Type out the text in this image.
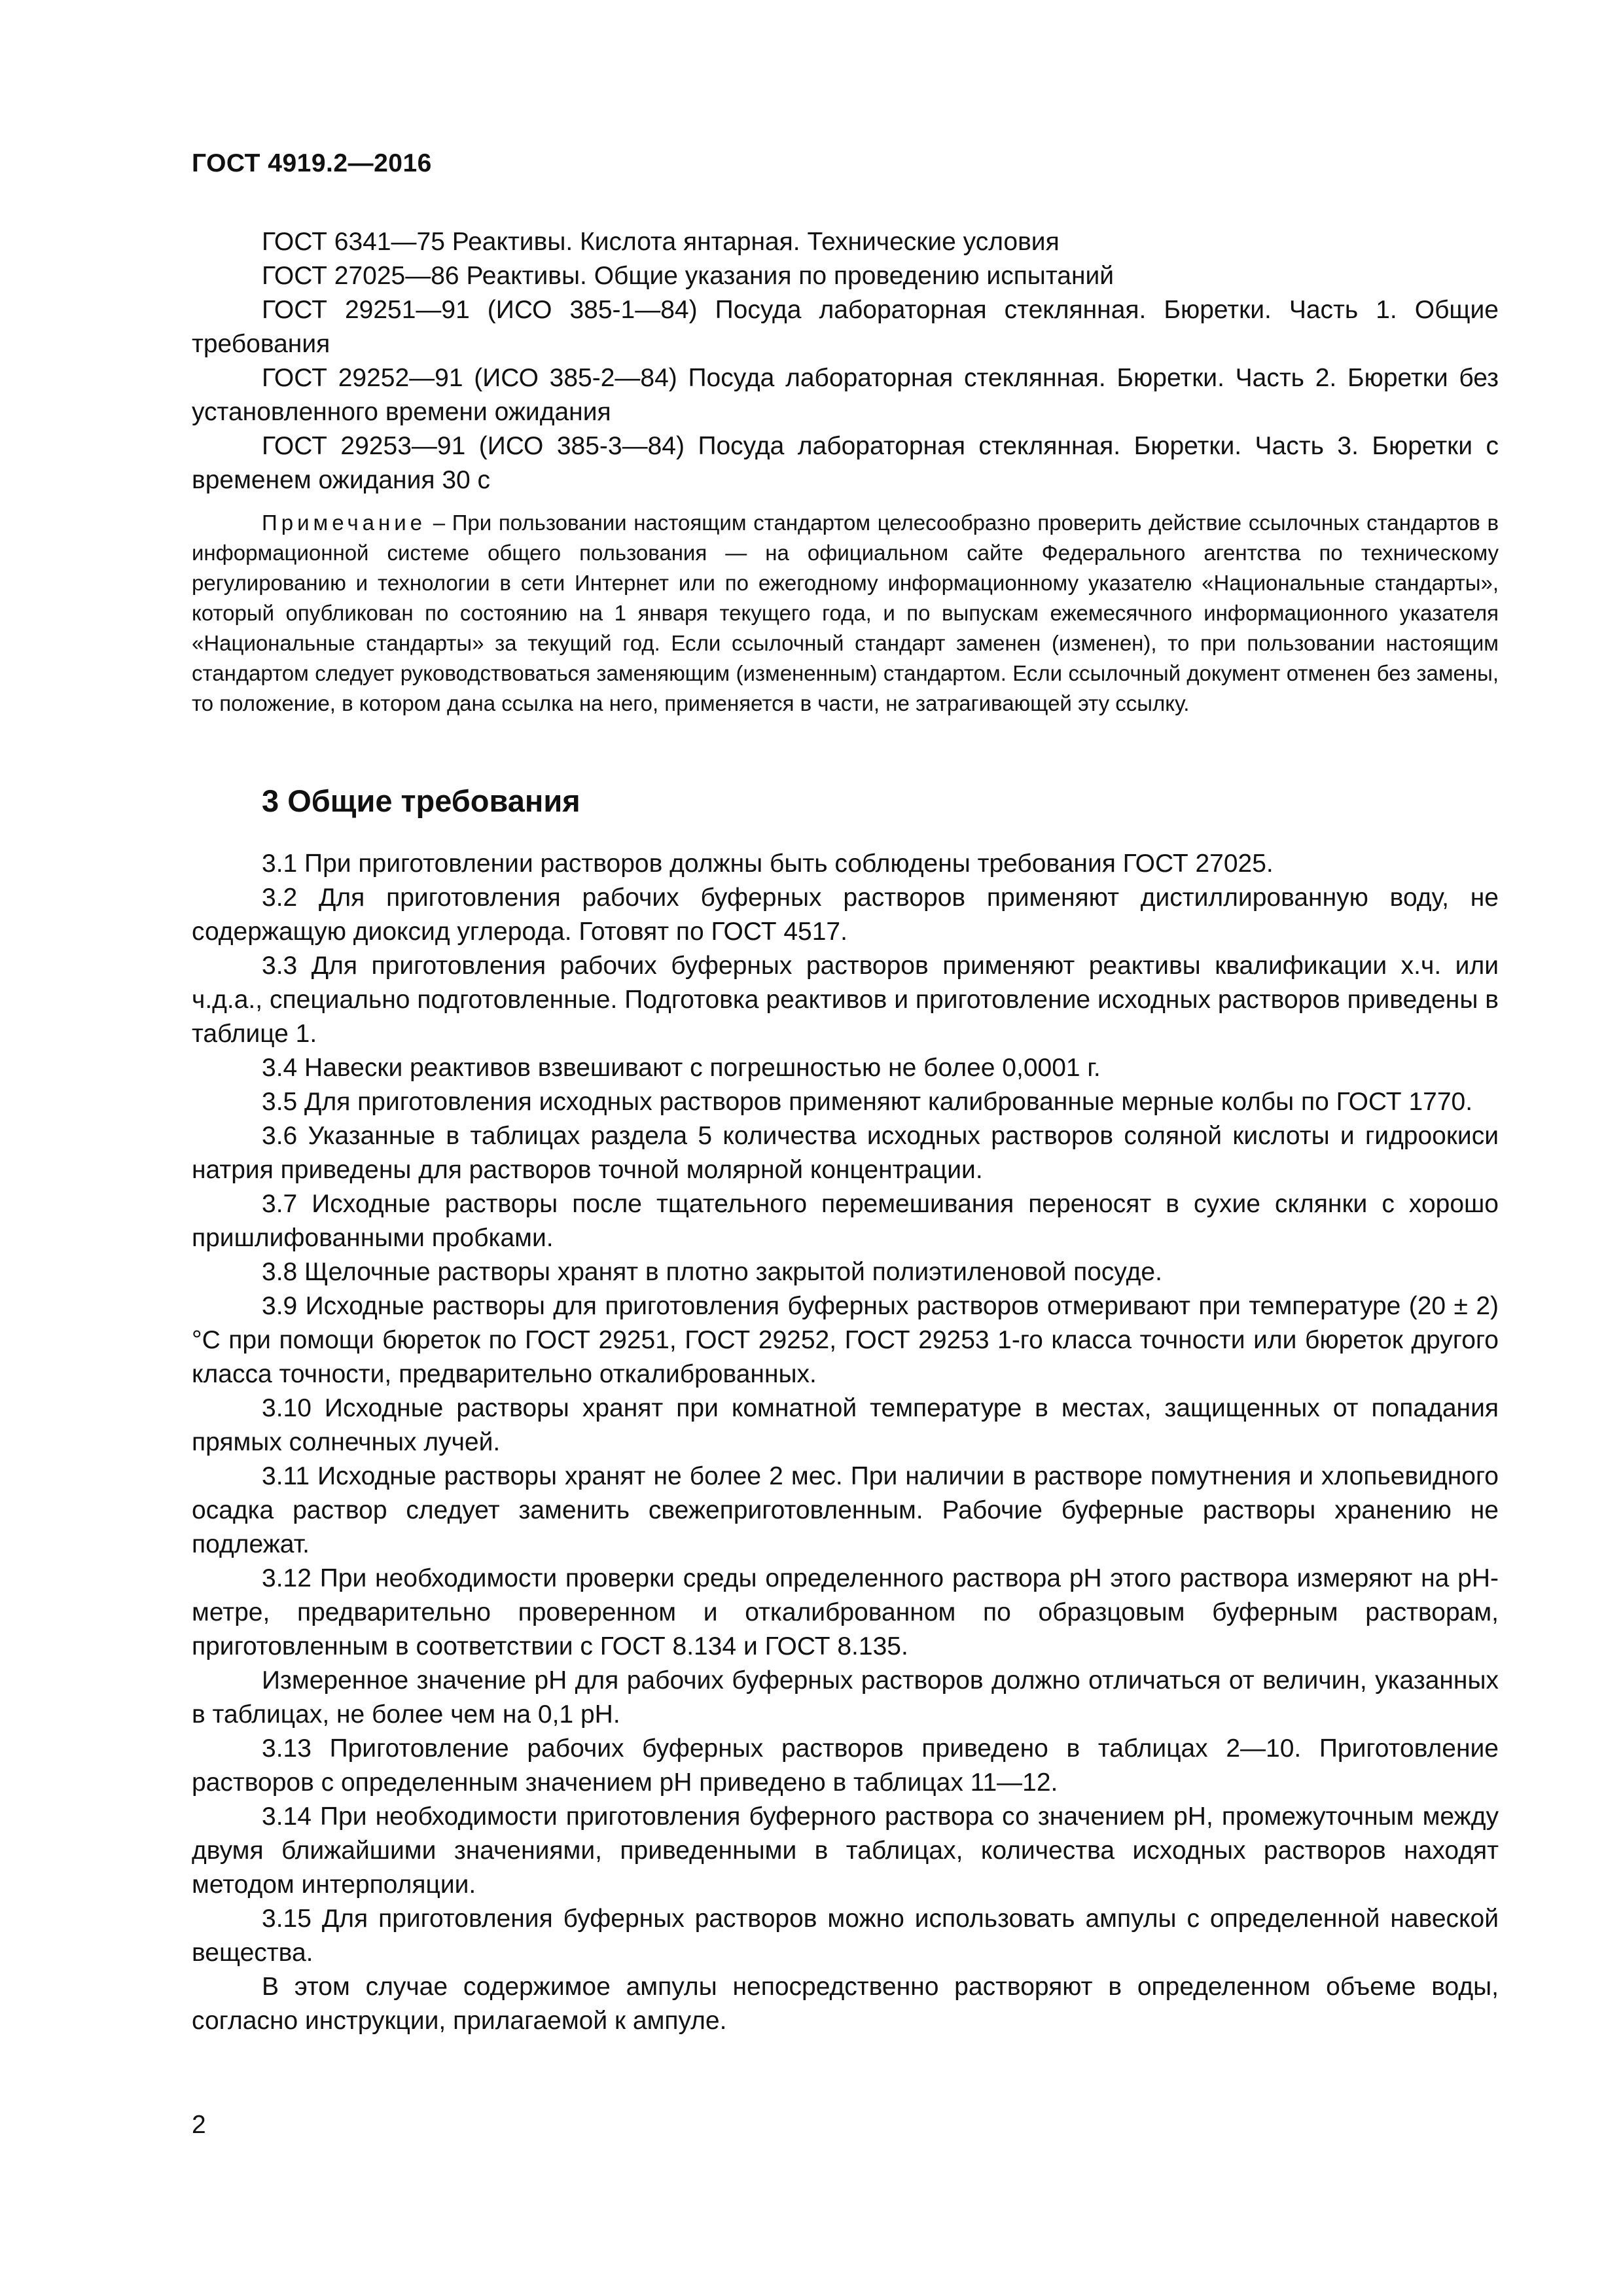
ГОСТ 4919.2—2016

ГОСТ 6341—75 Реактивы. Кислота янтарная. Технические условия

ГОСТ 27025—86 Реактивы. Общие указания по проведению испытаний

ГОСТ 29251—91 (ИСО 385-1—84) Посуда лабораторная стеклянная. Бюретки. Часть 1. Общие требования

ГОСТ 29252—91 (ИСО 385-2—84) Посуда лабораторная стеклянная. Бюретки. Часть 2. Бюретки без установленного времени ожидания

ГОСТ 29253—91 (ИСО 385-3—84) Посуда лабораторная стеклянная. Бюретки. Часть 3. Бюретки с временем ожидания 30 с

Примечание – При пользовании настоящим стандартом целесообразно проверить действие ссылочных стандартов в информационной системе общего пользования — на официальном сайте Федерального агентства по техническому регулированию и технологии в сети Интернет или по ежегодному информационному указателю «Национальные стандарты», который опубликован по состоянию на 1 января текущего года, и по выпускам ежемесячного информационного указателя «Национальные стандарты» за текущий год. Если ссылочный стандарт заменен (изменен), то при пользовании настоящим стандартом следует руководствоваться заменяющим (измененным) стандартом. Если ссылочный документ отменен без замены, то положение, в котором дана ссылка на него, применяется в части, не затрагивающей эту ссылку.

3 Общие требования

3.1 При приготовлении растворов должны быть соблюдены требования ГОСТ 27025.

3.2 Для приготовления рабочих буферных растворов применяют дистиллированную воду, не содержащую диоксид углерода. Готовят по ГОСТ 4517.

3.3 Для приготовления рабочих буферных растворов применяют реактивы квалификации х.ч. или ч.д.а., специально подготовленные. Подготовка реактивов и приготовление исходных растворов приведены в таблице 1.

3.4 Навески реактивов взвешивают с погрешностью не более 0,0001 г.

3.5 Для приготовления исходных растворов применяют калиброванные мерные колбы по ГОСТ 1770.

3.6 Указанные в таблицах раздела 5 количества исходных растворов соляной кислоты и гидроокиси натрия приведены для растворов точной молярной концентрации.

3.7 Исходные растворы после тщательного перемешивания переносят в сухие склянки с хорошо пришлифованными пробками.

3.8 Щелочные растворы хранят в плотно закрытой полиэтиленовой посуде.

3.9 Исходные растворы для приготовления буферных растворов отмеривают при температуре (20 ± 2) °С при помощи бюреток по ГОСТ 29251, ГОСТ 29252, ГОСТ 29253 1-го класса точности или бюреток другого класса точности, предварительно откалиброванных.

3.10 Исходные растворы хранят при комнатной температуре в местах, защищенных от попадания прямых солнечных лучей.

3.11 Исходные растворы хранят не более 2 мес. При наличии в растворе помутнения и хлопьевидного осадка раствор следует заменить свежеприготовленным. Рабочие буферные растворы хранению не подлежат.

3.12 При необходимости проверки среды определенного раствора рН этого раствора измеряют на рН-метре, предварительно проверенном и откалиброванном по образцовым буферным растворам, приготовленным в соответствии с ГОСТ 8.134 и ГОСТ 8.135.

Измеренное значение рН для рабочих буферных растворов должно отличаться от величин, указанных в таблицах, не более чем на 0,1 рН.

3.13 Приготовление рабочих буферных растворов приведено в таблицах 2—10. Приготовление растворов с определенным значением рН приведено в таблицах 11—12.

3.14 При необходимости приготовления буферного раствора со значением рН, промежуточным между двумя ближайшими значениями, приведенными в таблицах, количества исходных растворов находят методом интерполяции.

3.15 Для приготовления буферных растворов можно использовать ампулы с определенной навеской вещества.

В этом случае содержимое ампулы непосредственно растворяют в определенном объеме воды, согласно инструкции, прилагаемой к ампуле.

2
